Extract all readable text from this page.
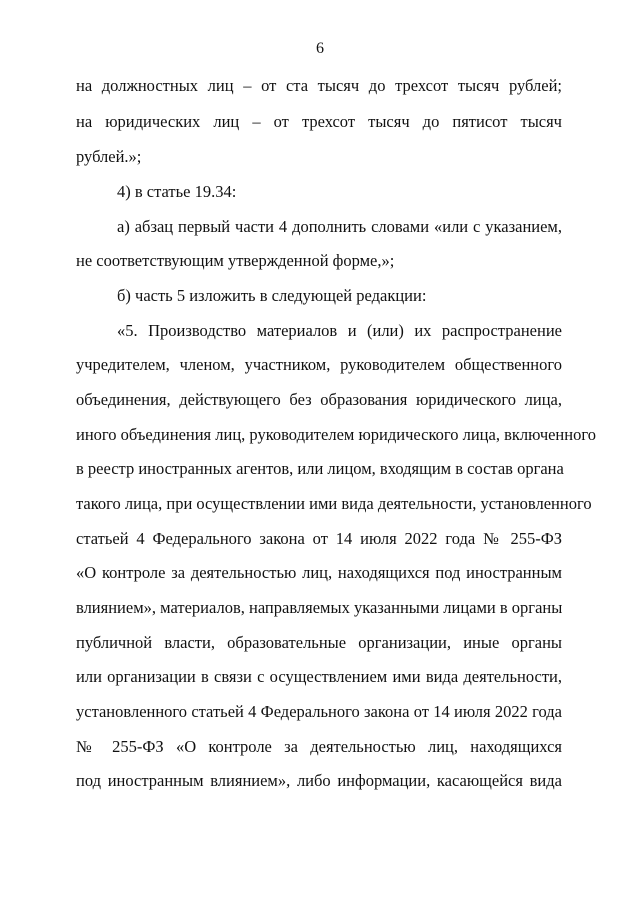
6
на должностных лиц – от ста тысяч до трехсот тысяч рублей;
на юридических лиц – от трехсот тысяч до пятисот тысяч
рублей.»;
4) в статье 19.34:
а) абзац первый части 4 дополнить словами «или с указанием,
не соответствующим утвержденной форме,»;
б) часть 5 изложить в следующей редакции:
«5. Производство материалов и (или) их распространение
учредителем, членом, участником, руководителем общественного
объединения, действующего без образования юридического лица,
иного объединения лиц, руководителем юридического лица, включенного
в реестр иностранных агентов, или лицом, входящим в состав органа
такого лица, при осуществлении ими вида деятельности, установленного
статьей 4 Федерального закона от 14 июля 2022 года № 255-ФЗ
«О контроле за деятельностью лиц, находящихся под иностранным
влиянием», материалов, направляемых указанными лицами в органы
публичной власти, образовательные организации, иные органы
или организации в связи с осуществлением ими вида деятельности,
установленного статьей 4 Федерального закона от 14 июля 2022 года
№ 255-ФЗ «О контроле за деятельностью лиц, находящихся
под иностранным влиянием», либо информации, касающейся вида
